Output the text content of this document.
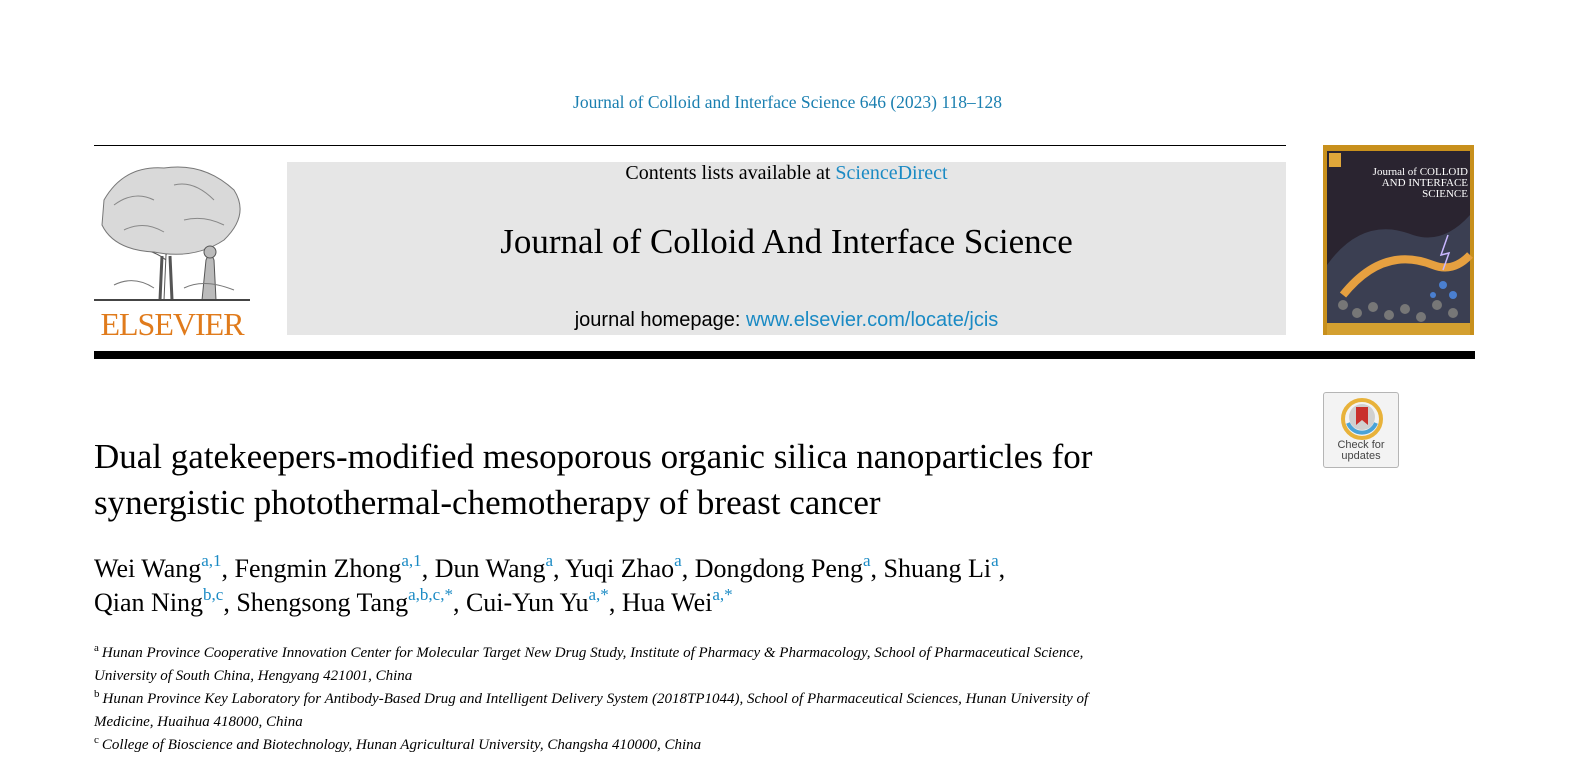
Journal of Colloid and Interface Science 646 (2023) 118–128
ELSEVIER
Contents lists available at ScienceDirect
Journal of Colloid And Interface Science
journal homepage: www.elsevier.com/locate/jcis
Journal of COLLOID AND INTERFACE SCIENCE
Check for
updates
Dual gatekeepers-modified mesoporous organic silica nanoparticles for
synergistic photothermal-chemotherapy of breast cancer
Wei Wang$^{a,1}$, Fengmin Zhong$^{a,1}$, Dun Wang$^a$, Yuqi Zhao$^a$, Dongdong Peng$^a$, Shuang Li$^a$,
Qian Ning$^{b,c}$, Shengsong Tang$^{a,b,c,*}$, Cui-Yun $Yu^{a,*}$, Hua Wei$^{a,*}$
$^a$ Hunan Province Cooperative Innovation Center for Molecular Target New Drug Study, Institute of Pharmacy & Pharmacology, School of Pharmaceutical Science,
University of South China, Hengyang 421001, China
$^b$ Hunan Province Key Laboratory for Antibody-Based Drug and Intelligent Delivery System (2018TP1044), School of Pharmaceutical Sciences, Hunan University of
Medicine, Huaihua 418000, China
$^c$ College of Bioscience and Biotechnology, Hunan Agricultural University, Changsha 410000, China
